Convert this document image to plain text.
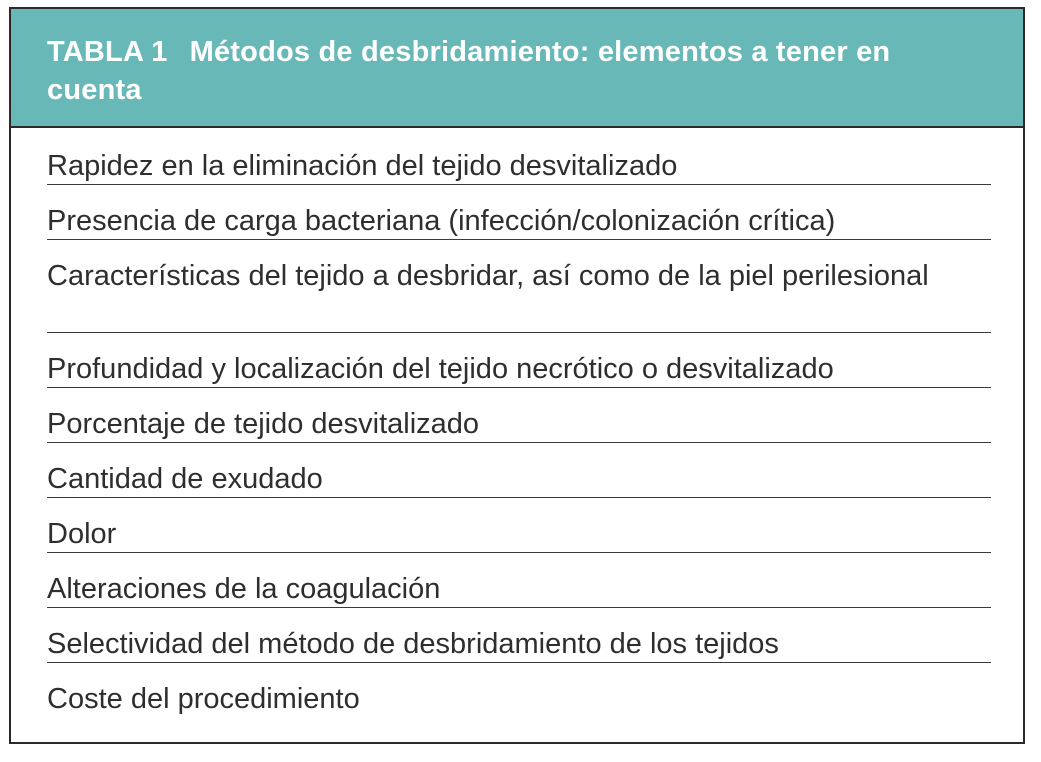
TABLA 1 Métodos de desbridamiento: elementos a tener en cuenta
Rapidez en la eliminación del tejido desvitalizado
Presencia de carga bacteriana (infección/colonización crítica)
Características del tejido a desbridar, así como de la piel perilesional
Profundidad y localización del tejido necrótico o desvitalizado
Porcentaje de tejido desvitalizado
Cantidad de exudado
Dolor
Alteraciones de la coagulación
Selectividad del método de desbridamiento de los tejidos
Coste del procedimiento
